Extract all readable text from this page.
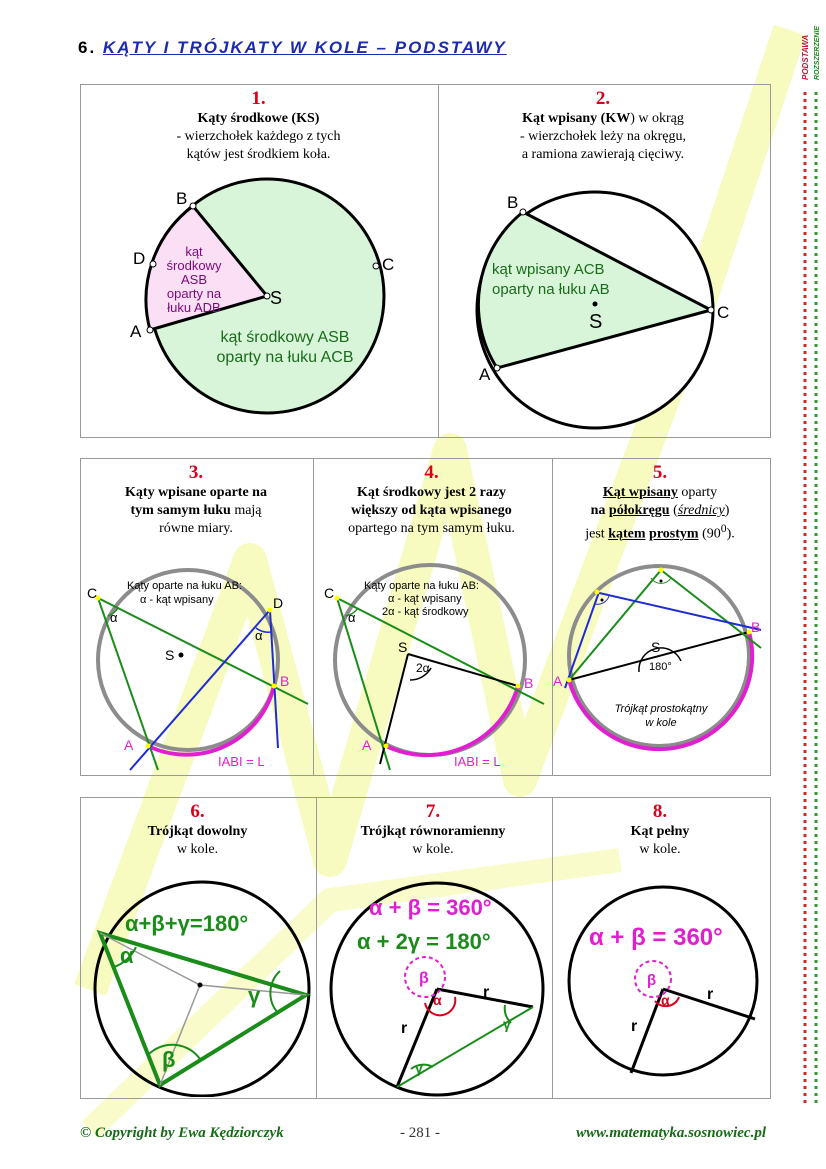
6. KĄTY I TRÓJKATY W KOLE – PODSTAWY	PODSTAWA ROZSZERZENIE
1.
Kąty środkowe (KS)
- wierzchołek każdego z tych
kątów jest środkiem koła.
B
C
D
A
S
kąt
środkowy
ASB
oparty na
łuku ADB
kąt środkowy ASB
oparty na łuku ACB
2.
Kąt wpisany (KW) w okrąg
- wierzchołek leży na okręgu,
a ramiona zawierają cięciwy.
B
C
A
S
kąt wpisany ACB
oparty na łuku AB
3.
Kąty wpisane oparte na
tym samym łuku mają
równe miary.
C
D
B
A
S
α
α
Kąty oparte na łuku AB:
α - kąt wpisany
IABI = L
4.
Kąt środkowy jest 2 razy
większy od kąta wpisanego
opartego na tym samym łuku.
C
S
B
A
α
2α
Kąty oparte na łuku AB:
α - kąt wpisany
2α - kąt środkowy
IABI = L
5.
Kąt wpisany oparty
na półokręgu (średnicy)
jest kątem prostym $(90^0)$.
A
B
S
180°
Trójkąt prostokątny
w kole
6.
Trójkąt dowolny
w kole.
α+β+γ=180°
α
β
γ
7.
Trójkąt równoramienny
w kole.
α + β = 360°
α + 2γ = 180°
β
α
γ
γ
r
r
8.
Kąt pełny
w kole.
α + β = 360°
β
α r
r
© Copyright by Ewa Kędziorczyk	- 281 -	www.matematyka.sosnowiec.pl
